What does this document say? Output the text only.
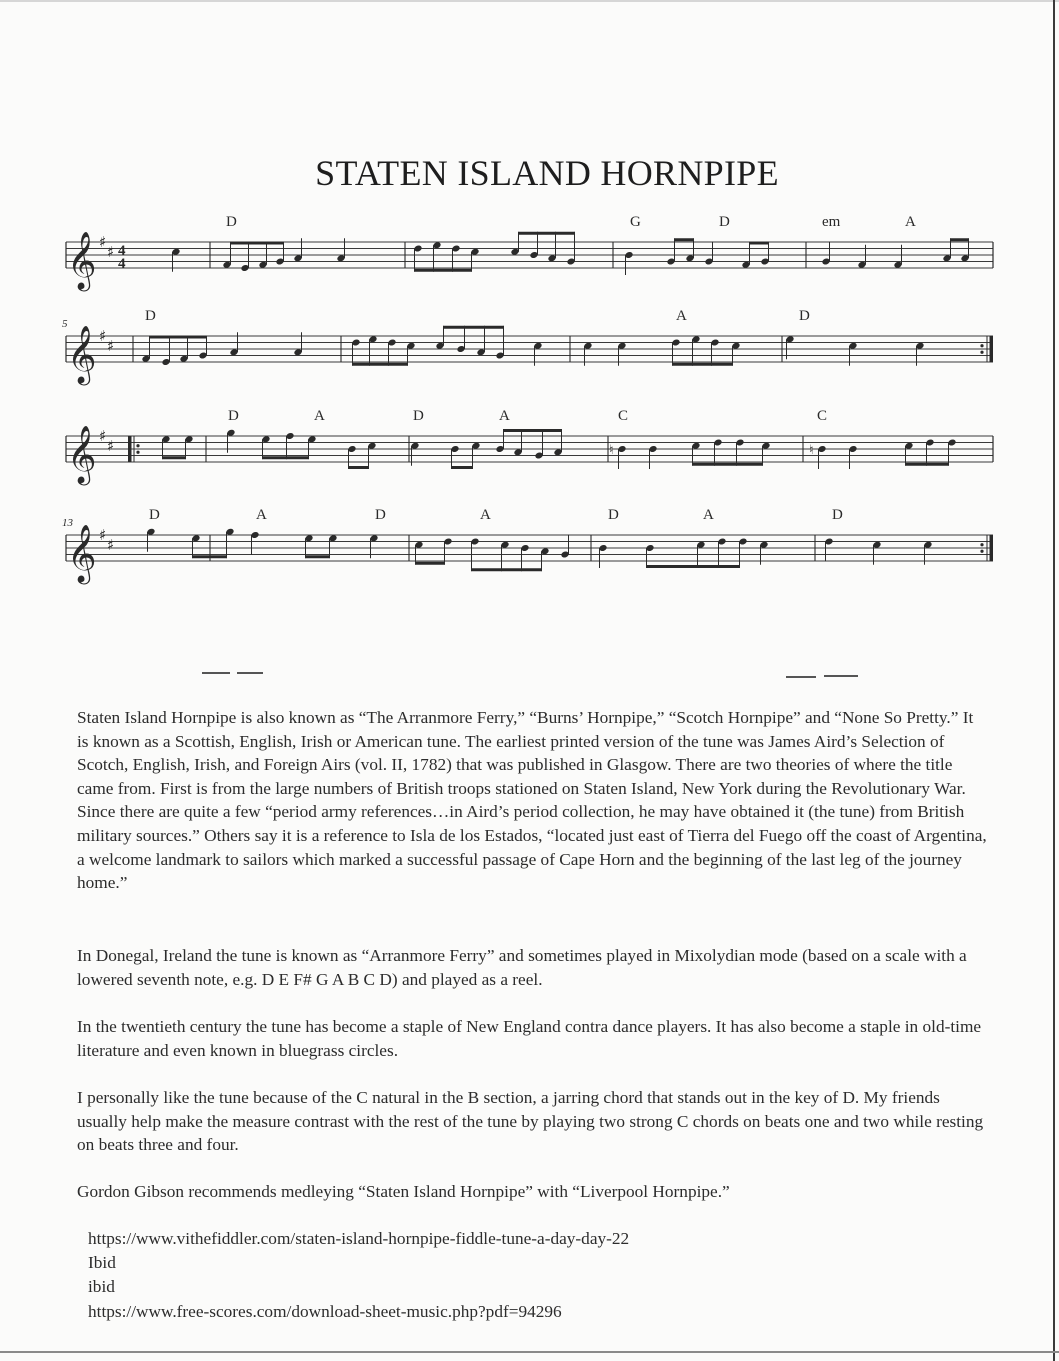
STATEN ISLAND HORNPIPE
𝄞 ♯
♯ 4
4
D	G	D	em	A
𝄞 ♯
♯
5	D	A	D
𝄞 ♯
♯
D	A	D	A	C	C
♮	♮
𝄞 ♯
♯
13	D	A	D	A	D	A	D

Staten Island Hornpipe is also known as “The Arranmore Ferry,” “Burns’ Hornpipe,” “Scotch Hornpipe” and “None So Pretty.” It is known as a Scottish, English, Irish or American tune. The earliest printed version of the tune was James Aird’s Selection of Scotch, English, Irish, and Foreign Airs (vol. II, 1782) that was published in Glasgow. There are two theories of where the title came from. First is from the large numbers of British troops stationed on Staten Island, New York during the Revolutionary War. Since there are quite a few “period army references…in Aird’s period collection, he may have obtained it (the tune) from British military sources.” Others say it is a reference to Isla de los Estados, “located just east of Tierra del Fuego off the coast of Argentina, a welcome landmark to sailors which marked a successful passage of Cape Horn and the beginning of the last leg of the journey home.”

In Donegal, Ireland the tune is known as “Arranmore Ferry” and sometimes played in Mixolydian mode (based on a scale with a lowered seventh note, e.g. D E F# G A B C D) and played as a reel.

In the twentieth century the tune has become a staple of New England contra dance players. It has also become a staple in old-time literature and even known in bluegrass circles.

I personally like the tune because of the C natural in the B section, a jarring chord that stands out in the key of D. My friends usually help make the measure contrast with the rest of the tune by playing two strong C chords on beats one and two while resting on beats three and four.

Gordon Gibson recommends medleying “Staten Island Hornpipe” with “Liverpool Hornpipe.”

https://www.vithefiddler.com/staten-island-hornpipe-fiddle-tune-a-day-day-22
Ibid
ibid
https://www.free-scores.com/download-sheet-music.php?pdf=94296
